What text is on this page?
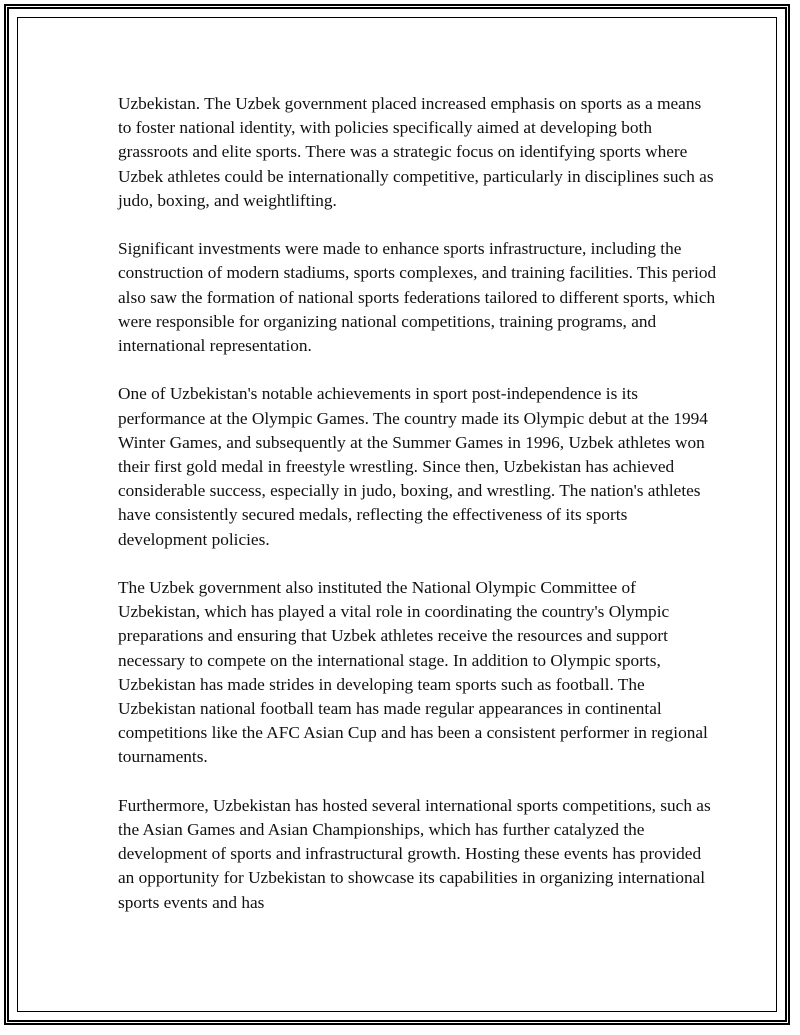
Uzbekistan. The Uzbek government placed increased emphasis on sports as a means to foster national identity, with policies specifically aimed at developing both grassroots and elite sports. There was a strategic focus on identifying sports where Uzbek athletes could be internationally competitive, particularly in disciplines such as judo, boxing, and weightlifting.

Significant investments were made to enhance sports infrastructure, including the construction of modern stadiums, sports complexes, and training facilities. This period also saw the formation of national sports federations tailored to different sports, which were responsible for organizing national competitions, training programs, and international representation.

One of Uzbekistan's notable achievements in sport post-independence is its performance at the Olympic Games. The country made its Olympic debut at the 1994 Winter Games, and subsequently at the Summer Games in 1996, Uzbek athletes won their first gold medal in freestyle wrestling. Since then, Uzbekistan has achieved considerable success, especially in judo, boxing, and wrestling. The nation's athletes have consistently secured medals, reflecting the effectiveness of its sports development policies.

The Uzbek government also instituted the National Olympic Committee of Uzbekistan, which has played a vital role in coordinating the country's Olympic preparations and ensuring that Uzbek athletes receive the resources and support necessary to compete on the international stage. In addition to Olympic sports, Uzbekistan has made strides in developing team sports such as football. The Uzbekistan national football team has made regular appearances in continental competitions like the AFC Asian Cup and has been a consistent performer in regional tournaments.

Furthermore, Uzbekistan has hosted several international sports competitions, such as the Asian Games and Asian Championships, which has further catalyzed the development of sports and infrastructural growth. Hosting these events has provided an opportunity for Uzbekistan to showcase its capabilities in organizing international sports events and has
